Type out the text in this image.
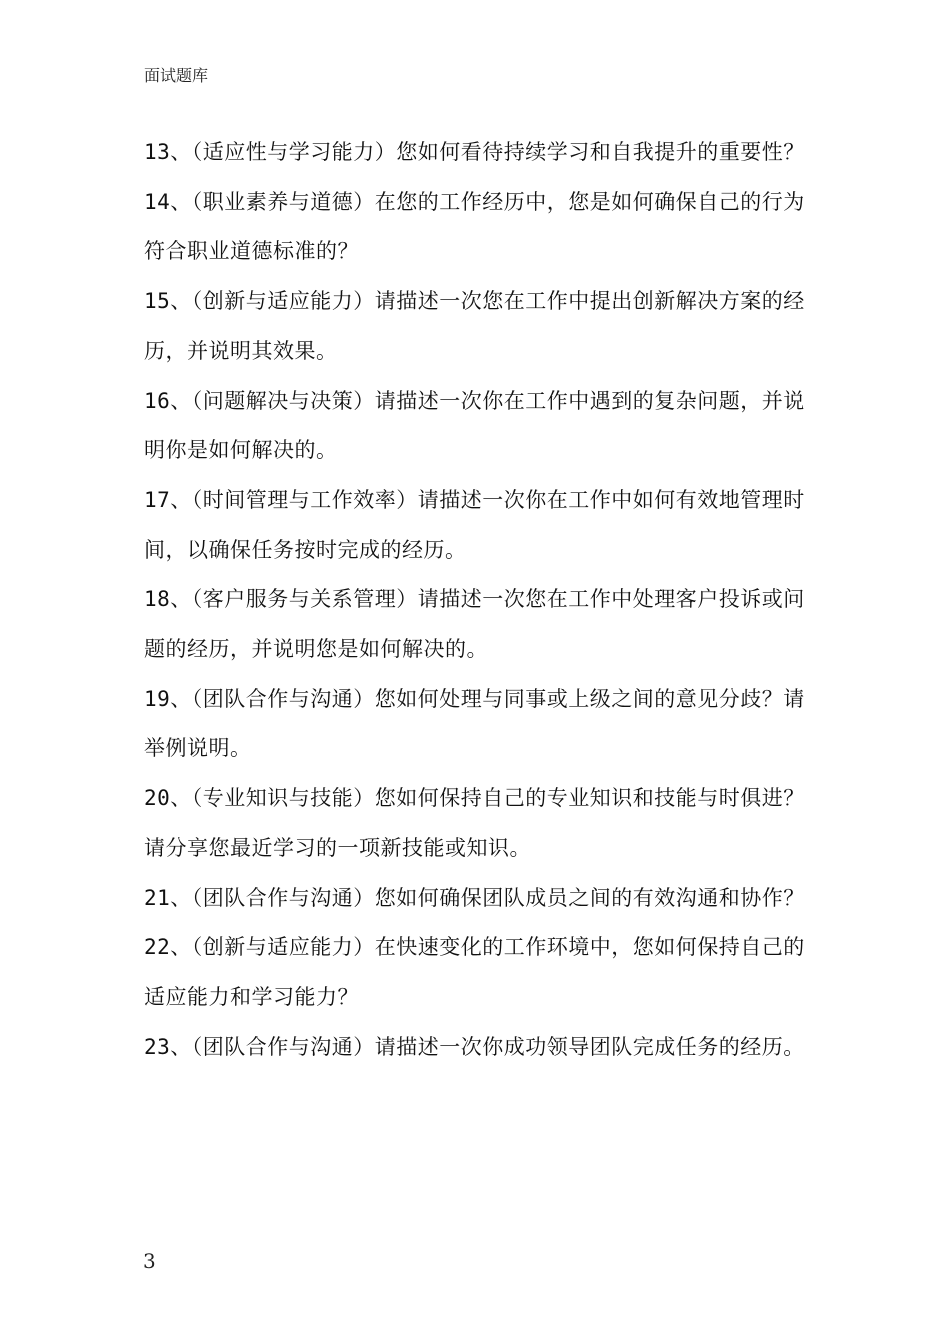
面试题库

13、（适应性与学习能力）您如何看待持续学习和自我提升的重要性？

14、（职业素养与道德）在您的工作经历中，您是如何确保自己的行为符合职业道德标准的？

15、（创新与适应能力）请描述一次您在工作中提出创新解决方案的经历，并说明其效果。

16、（问题解决与决策）请描述一次你在工作中遇到的复杂问题，并说明你是如何解决的。

17、（时间管理与工作效率）请描述一次你在工作中如何有效地管理时间，以确保任务按时完成的经历。

18、（客户服务与关系管理）请描述一次您在工作中处理客户投诉或问题的经历，并说明您是如何解决的。

19、（团队合作与沟通）您如何处理与同事或上级之间的意见分歧？请举例说明。

20、（专业知识与技能）您如何保持自己的专业知识和技能与时俱进？请分享您最近学习的一项新技能或知识。

21、（团队合作与沟通）您如何确保团队成员之间的有效沟通和协作？

22、（创新与适应能力）在快速变化的工作环境中，您如何保持自己的适应能力和学习能力？

23、（团队合作与沟通）请描述一次你成功领导团队完成任务的经历。

3
